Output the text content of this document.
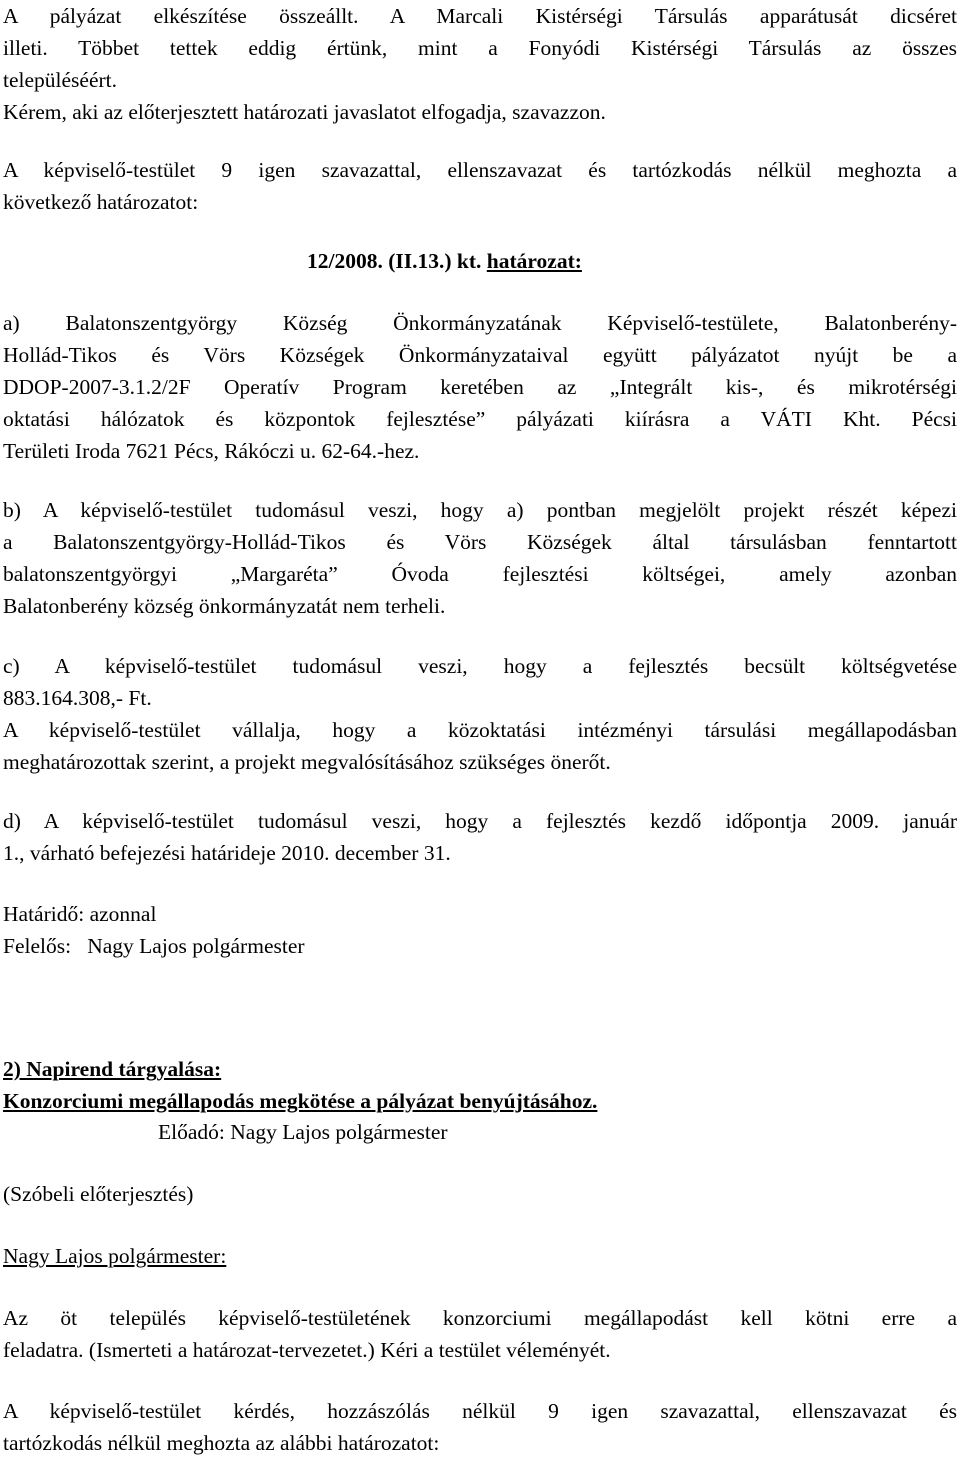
A pályázat elkészítése összeállt. A Marcali Kistérségi Társulás apparátusát dicséret
illeti. Többet tettek eddig értünk, mint a Fonyódi Kistérségi Társulás az összes
településéért.
Kérem, aki az előterjesztett határozati javaslatot elfogadja, szavazzon.
A képviselő-testület 9 igen szavazattal, ellenszavazat és tartózkodás nélkül meghozta a
következő határozatot:
12/2008. (II.13.) kt. határozat:
a) Balatonszentgyörgy Község Önkormányzatának Képviselő-testülete, Balatonberény-
Hollád-Tikos és Vörs Községek Önkormányzataival együtt pályázatot nyújt be a
DDOP-2007-3.1.2/2F Operatív Program keretében az „Integrált kis-, és mikrotérségi
oktatási hálózatok és központok fejlesztése” pályázati kiírásra a VÁTI Kht. Pécsi
Területi Iroda 7621 Pécs, Rákóczi u. 62-64.-hez.
b) A képviselő-testület tudomásul veszi, hogy a) pontban megjelölt projekt részét képezi
a Balatonszentgyörgy-Hollád-Tikos és Vörs Községek által társulásban fenntartott
balatonszentgyörgyi „Margaréta” Óvoda fejlesztési költségei, amely azonban
Balatonberény község önkormányzatát nem terheli.
c) A képviselő-testület tudomásul veszi, hogy a fejlesztés becsült költségvetése
883.164.308,- Ft.
A képviselő-testület vállalja, hogy a közoktatási intézményi társulási megállapodásban
meghatározottak szerint, a projekt megvalósításához szükséges önerőt.
d) A képviselő-testület tudomásul veszi, hogy a fejlesztés kezdő időpontja 2009. január
1., várható befejezési határideje 2010. december 31.
Határidő: azonnal
Felelős:   Nagy Lajos polgármester
2) Napirend tárgyalása:
Konzorciumi megállapodás megkötése a pályázat benyújtásához.
Előadó: Nagy Lajos polgármester
(Szóbeli előterjesztés)
Nagy Lajos polgármester:
Az öt település képviselő-testületének konzorciumi megállapodást kell kötni erre a
feladatra. (Ismerteti a határozat-tervezetet.) Kéri a testület véleményét.
A képviselő-testület kérdés, hozzászólás nélkül 9 igen szavazattal, ellenszavazat és
tartózkodás nélkül meghozta az alábbi határozatot:
